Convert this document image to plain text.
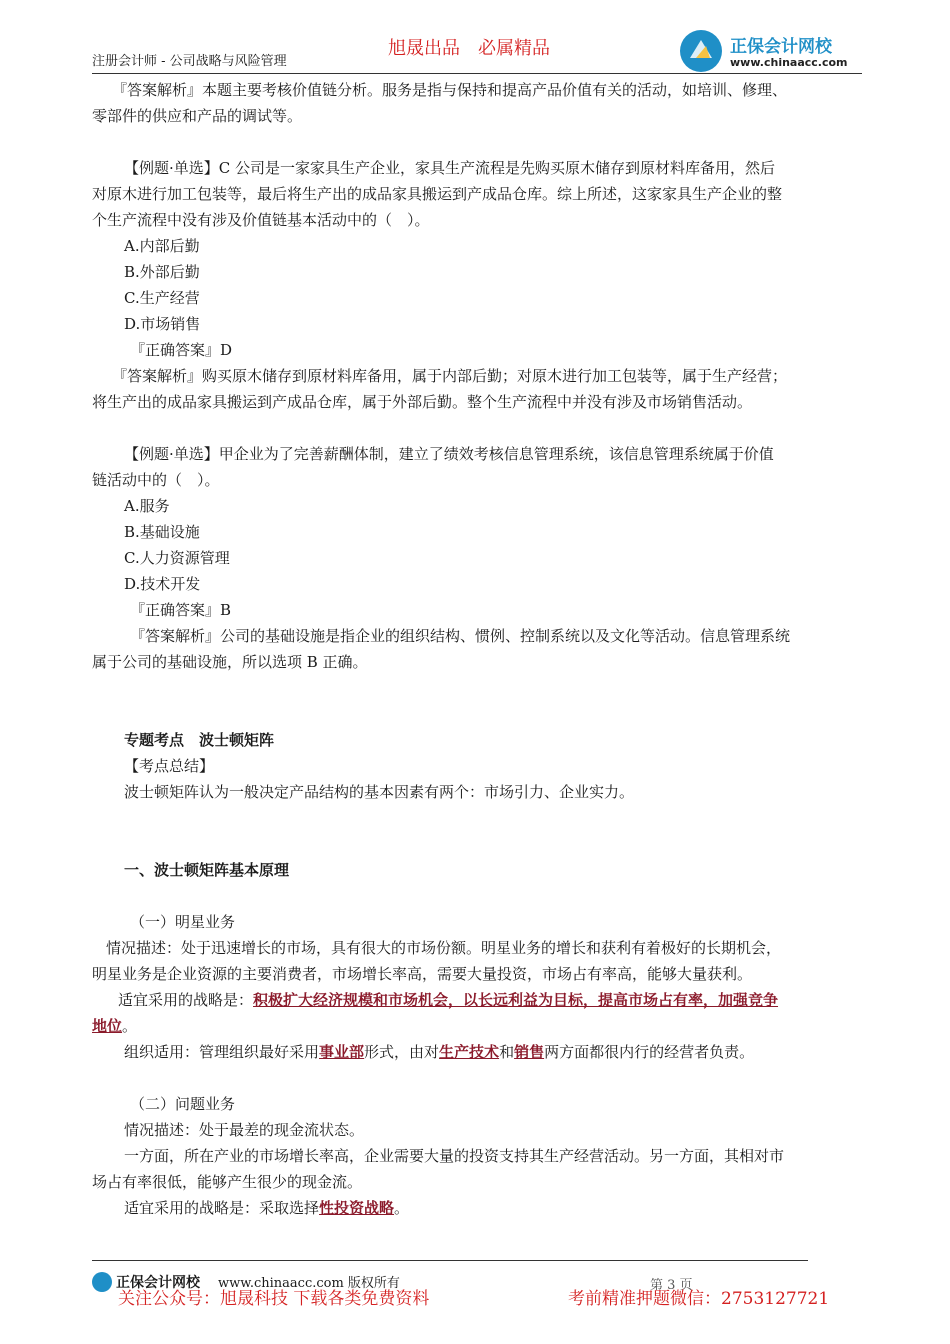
注册会计师 - 公司战略与风险管理
旭晟出品　必属精品	正保会计网校
www.chinaacc.com
『答案解析』本题主要考核价值链分析。服务是指与保持和提高产品价值有关的活动，如培训、修理、
零部件的供应和产品的调试等。
【例题·单选】C 公司是一家家具生产企业，家具生产流程是先购买原木储存到原材料库备用，然后
对原木进行加工包装等，最后将生产出的成品家具搬运到产成品仓库。综上所述，这家家具生产企业的整
个生产流程中没有涉及价值链基本活动中的（　）。
A.内部后勤
B.外部后勤
C.生产经营
D.市场销售
『正确答案』D
『答案解析』购买原木储存到原材料库备用，属于内部后勤；对原木进行加工包装等，属于生产经营；
将生产出的成品家具搬运到产成品仓库，属于外部后勤。整个生产流程中并没有涉及市场销售活动。
【例题·单选】甲企业为了完善薪酬体制，建立了绩效考核信息管理系统，该信息管理系统属于价值
链活动中的（　）。
A.服务
B.基础设施
C.人力资源管理
D.技术开发
『正确答案』B
『答案解析』公司的基础设施是指企业的组织结构、惯例、控制系统以及文化等活动。信息管理系统
属于公司的基础设施，所以选项 B 正确。
专题考点　波士顿矩阵
【考点总结】
波士顿矩阵认为一般决定产品结构的基本因素有两个：市场引力、企业实力。
一、波士顿矩阵基本原理
（一）明星业务
情况描述：处于迅速增长的市场，具有很大的市场份额。明星业务的增长和获利有着极好的长期机会，
明星业务是企业资源的主要消费者，市场增长率高，需要大量投资，市场占有率高，能够大量获利。
适宜采用的战略是：积极扩大经济规模和市场机会，以长远利益为目标，提高市场占有率，加强竞争
地位。
组织适用：管理组织最好采用事业部形式，由对生产技术和销售两方面都很内行的经营者负责。
（二）问题业务
情况描述：处于最差的现金流状态。
一方面，所在产业的市场增长率高，企业需要大量的投资支持其生产经营活动。另一方面，其相对市
场占有率很低，能够产生很少的现金流。
适宜采用的战略是：采取选择性投资战略。
正保会计网校 www.chinaacc.com 版权所有	第 3 页
关注公众号：旭晟科技 下载各类免费资料	考前精准押题微信：2753127721
